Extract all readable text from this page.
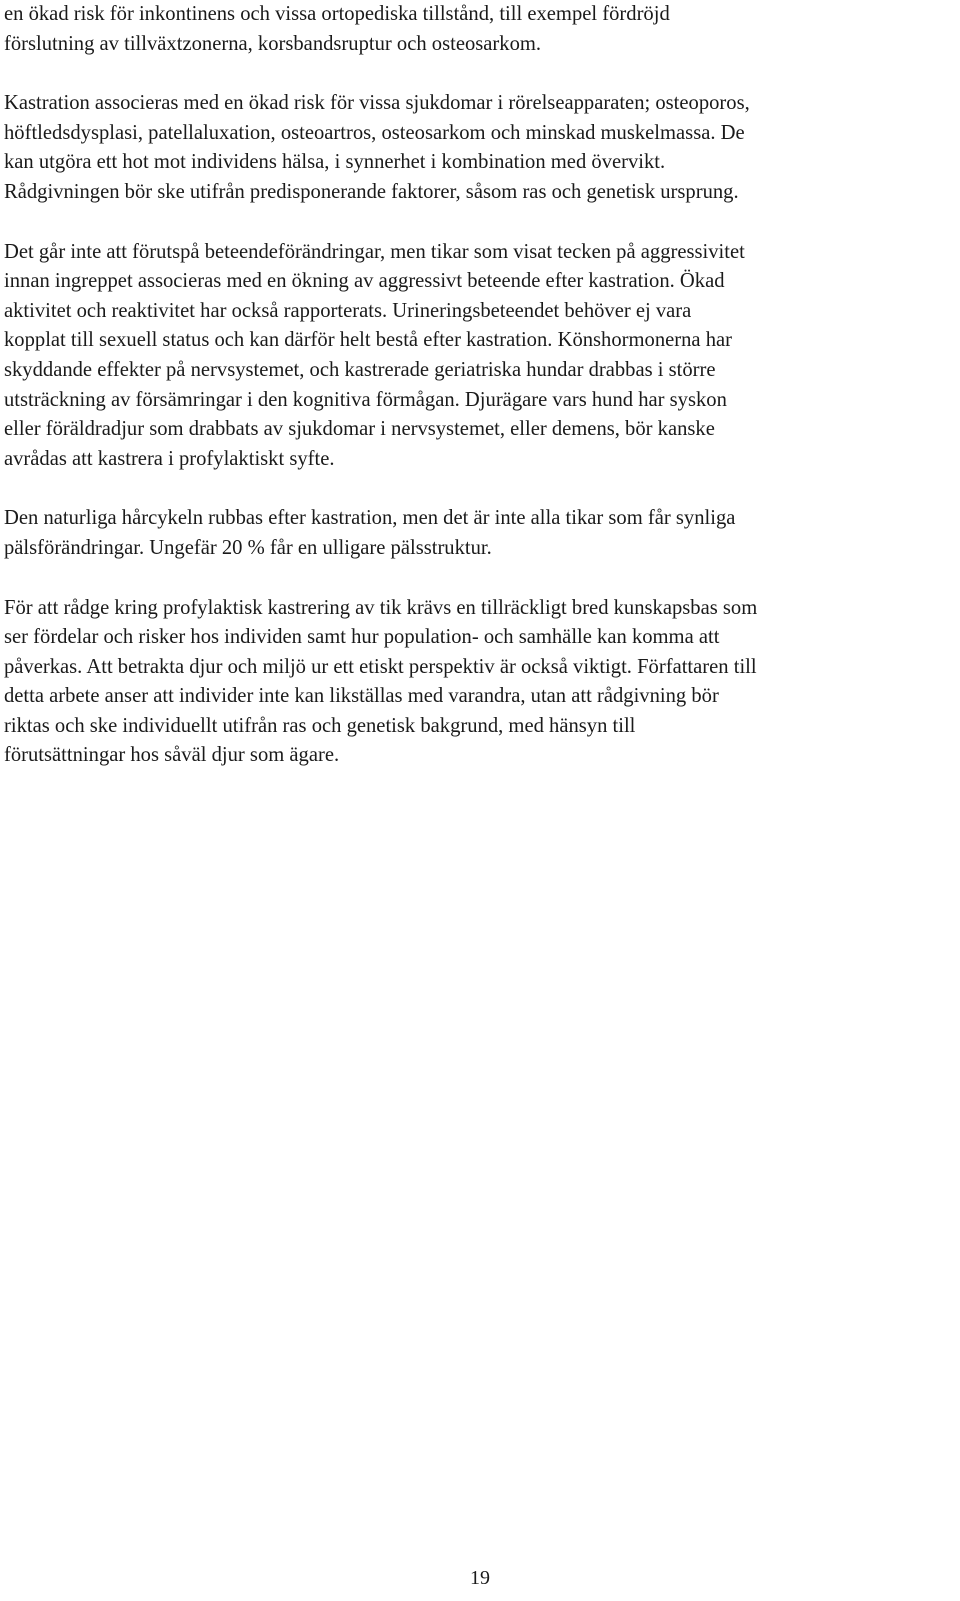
en ökad risk för inkontinens och vissa ortopediska tillstånd, till exempel fördröjd
förslutning av tillväxtzonerna, korsbandsruptur och osteosarkom.

Kastration associeras med en ökad risk för vissa sjukdomar i rörelseapparaten; osteoporos,
höftledsdysplasi, patellaluxation, osteoartros, osteosarkom och minskad muskelmassa. De
kan utgöra ett hot mot individens hälsa, i synnerhet i kombination med övervikt.
Rådgivningen bör ske utifrån predisponerande faktorer, såsom ras och genetisk ursprung.

Det går inte att förutspå beteendeförändringar, men tikar som visat tecken på aggressivitet
innan ingreppet associeras med en ökning av aggressivt beteende efter kastration. Ökad
aktivitet och reaktivitet har också rapporterats. Urineringsbeteendet behöver ej vara
kopplat till sexuell status och kan därför helt bestå efter kastration. Könshormonerna har
skyddande effekter på nervsystemet, och kastrerade geriatriska hundar drabbas i större
utsträckning av försämringar i den kognitiva förmågan. Djurägare vars hund har syskon
eller föräldradjur som drabbats av sjukdomar i nervsystemet, eller demens, bör kanske
avrådas att kastrera i profylaktiskt syfte.

Den naturliga hårcykeln rubbas efter kastration, men det är inte alla tikar som får synliga
pälsförändringar. Ungefär 20 % får en ulligare pälsstruktur.

För att rådge kring profylaktisk kastrering av tik krävs en tillräckligt bred kunskapsbas som
ser fördelar och risker hos individen samt hur population- och samhälle kan komma att
påverkas. Att betrakta djur och miljö ur ett etiskt perspektiv är också viktigt. Författaren till
detta arbete anser att individer inte kan likställas med varandra, utan att rådgivning bör
riktas och ske individuellt utifrån ras och genetisk bakgrund, med hänsyn till
förutsättningar hos såväl djur som ägare.

19
